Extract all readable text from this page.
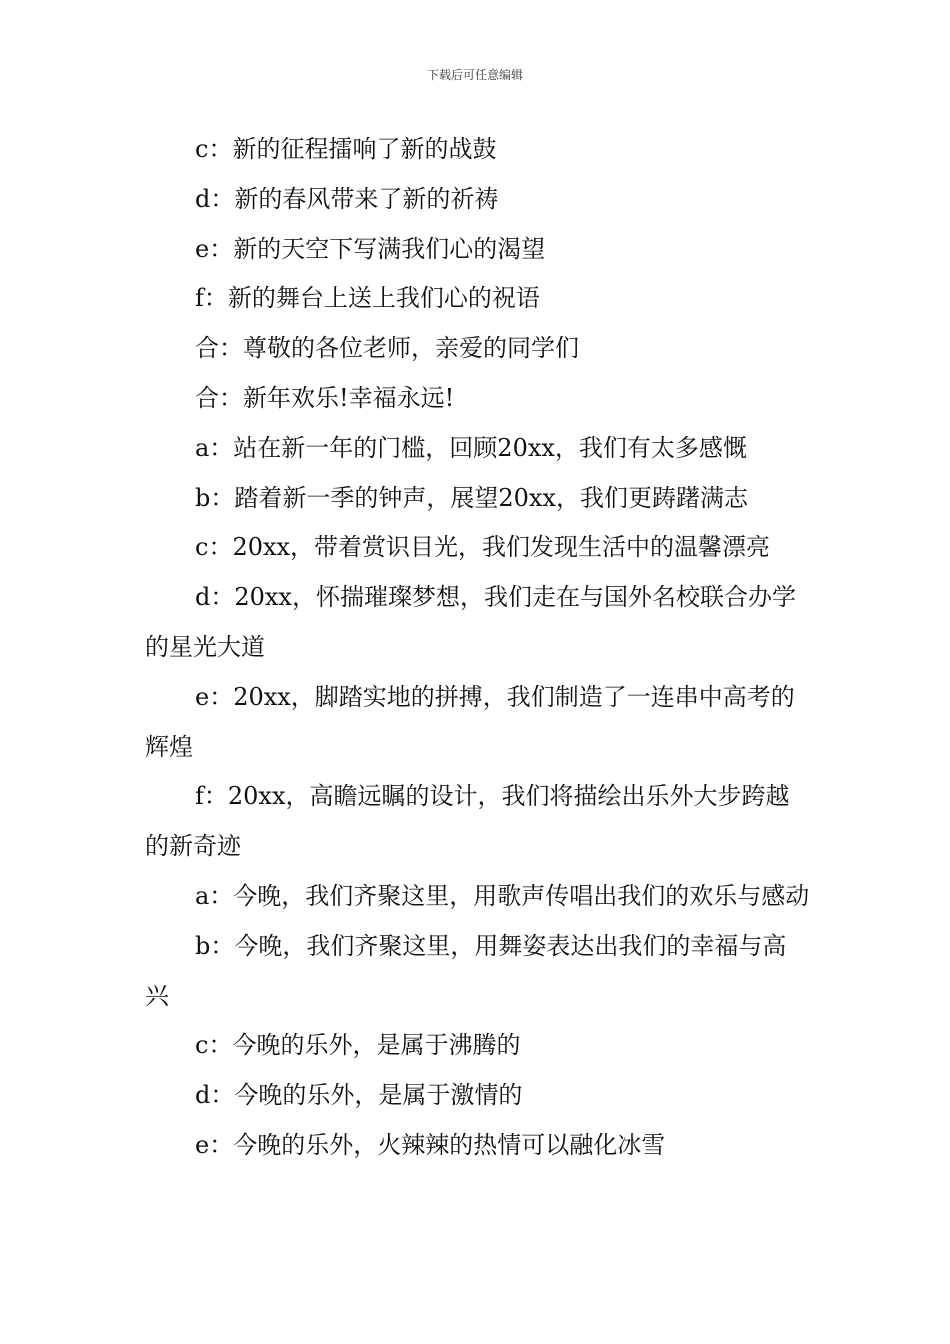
下载后可任意编辑

c：新的征程擂响了新的战鼓

d：新的春风带来了新的祈祷

e：新的天空下写满我们心的渴望

f：新的舞台上送上我们心的祝语

合：尊敬的各位老师，亲爱的同学们

合：新年欢乐!幸福永远!

a：站在新一年的门槛，回顾20xx，我们有太多感慨

b：踏着新一季的钟声，展望20xx，我们更踌躇满志

c：20xx，带着赏识目光，我们发现生活中的温馨漂亮

d：20xx，怀揣璀璨梦想，我们走在与国外名校联合办学的星光大道

e：20xx，脚踏实地的拼搏，我们制造了一连串中高考的辉煌

f：20xx，高瞻远瞩的设计，我们将描绘出乐外大步跨越的新奇迹

a：今晚，我们齐聚这里，用歌声传唱出我们的欢乐与感动

b：今晚，我们齐聚这里，用舞姿表达出我们的幸福与高兴

c：今晚的乐外，是属于沸腾的

d：今晚的乐外，是属于激情的

e：今晚的乐外，火辣辣的热情可以融化冰雪
